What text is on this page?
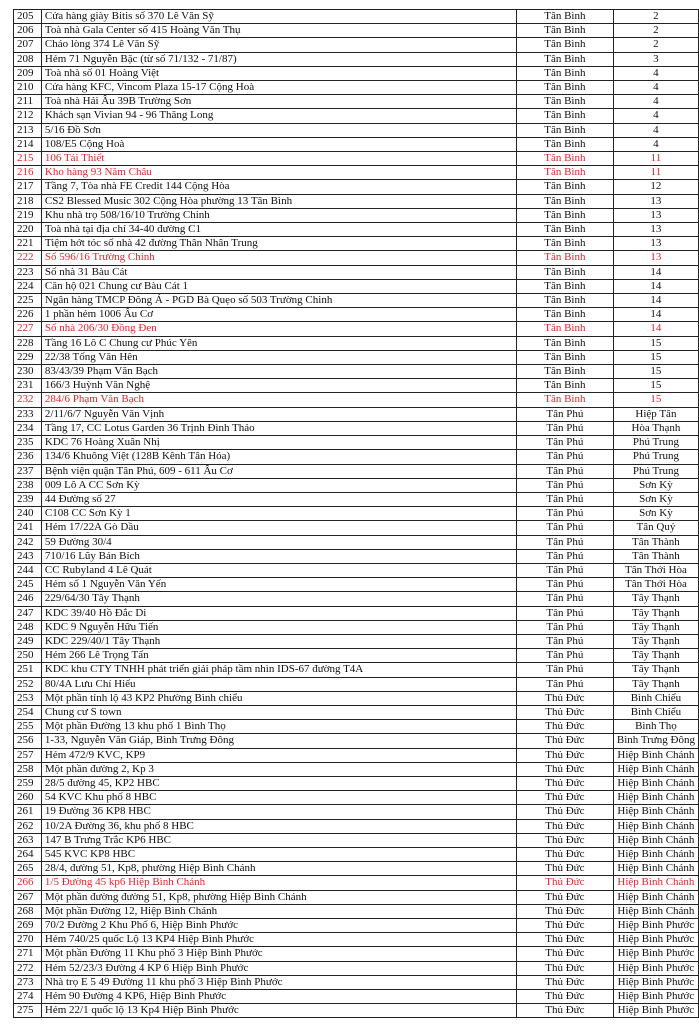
205	Cửa hàng giày Bitis số 370 Lê Văn Sỹ	Tân Bình	2
206	Toà nhà Gala Center số 415 Hoàng Văn Thụ	Tân Bình	2
207	Cháo lòng 374 Lê Văn Sỹ	Tân Bình	2
208	Hẻm 71 Nguyễn Bặc (từ số 71/132 - 71/87)	Tân Bình	3
209	Toà nhà số 01 Hoàng Việt	Tân Bình	4
210	Cửa hàng KFC, Vincom Plaza 15-17 Cộng Hoà	Tân Bình	4
211	Toà nhà Hải Âu 39B Trường Sơn	Tân Bình	4
212	Khách sạn Vivian 94 - 96 Thăng Long	Tân Bình	4
213	5/16 Đồ Sơn	Tân Bình	4
214	108/E5 Cộng Hoà	Tân Bình	4
215	106 Tái Thiết	Tân Bình	11
216	Kho hàng 93 Năm Châu	Tân Bình	11
217	Tầng 7, Tòa nhà FE Credit 144 Cộng Hòa	Tân Bình	12
218	CS2 Blessed Music 302 Cộng Hòa phường 13 Tân Bình	Tân Bình	13
219	Khu nhà trọ 508/16/10 Trường Chinh	Tân Bình	13
220	Toà nhà tại địa chỉ 34-40 đường C1	Tân Bình	13
221	Tiệm hớt tóc số nhà 42 đường Thân Nhân Trung	Tân Bình	13
222	Số 596/16 Trường Chinh	Tân Bình	13
223	Số nhà 31 Bàu Cát	Tân Bình	14
224	Căn hộ 021 Chung cư Bàu Cát 1	Tân Bình	14
225	Ngân hàng TMCP Đông Á - PGD Bà Quẹo số 503 Trường Chinh	Tân Bình	14
226	1 phần hẻm 1006 Âu Cơ	Tân Bình	14
227	Số nhà 206/30 Đồng Đen	Tân Bình	14
228	Tầng 16 Lô C Chung cư Phúc Yên	Tân Bình	15
229	22/38 Tống Văn Hên	Tân Bình	15
230	83/43/39 Phạm Văn Bạch	Tân Bình	15
231	166/3 Huỳnh Văn Nghệ	Tân Bình	15
232	284/6 Phạm Văn Bạch	Tân Bình	15
233	2/11/6/7 Nguyễn Văn Vịnh	Tân Phú	Hiệp Tân
234	Tầng 17, CC Lotus Garden 36 Trịnh Đình Thảo	Tân Phú	Hòa Thạnh
235	KDC 76 Hoàng Xuân Nhị	Tân Phú	Phú Trung
236	134/6 Khuông Việt (128B Kênh Tân Hóa)	Tân Phú	Phú Trung
237	Bệnh viện quận Tân Phú, 609 - 611 Âu Cơ	Tân Phú	Phú Trung
238	009 Lô A CC Sơn Kỳ	Tân Phú	Sơn Kỳ
239	44 Đường số 27	Tân Phú	Sơn Kỳ
240	C108 CC Sơn Kỳ 1	Tân Phú	Sơn Kỳ
241	Hẻm 17/22A Gò Dầu	Tân Phú	Tân Quý
242	59 Đường 30/4	Tân Phú	Tân Thành
243	710/16 Lũy Bán Bích	Tân Phú	Tân Thành
244	CC Rubyland 4 Lê Quát	Tân Phú	Tân Thới Hòa
245	Hẻm số 1 Nguyễn Văn Yến	Tân Phú	Tân Thới Hòa
246	229/64/30 Tây Thạnh	Tân Phú	Tây Thạnh
247	KDC 39/40 Hồ Đắc Di	Tân Phú	Tây Thạnh
248	KDC 9 Nguyễn Hữu Tiến	Tân Phú	Tây Thạnh
249	KDC 229/40/1 Tây Thạnh	Tân Phú	Tây Thạnh
250	Hẻm 266 Lê Trọng Tấn	Tân Phú	Tây Thạnh
251	KDC khu CTY TNHH phát triển giải pháp tầm nhìn IDS-67 đường T4A	Tân Phú	Tây Thạnh
252	80/4A Lưu Chí Hiếu	Tân Phú	Tây Thạnh
253	Một phần tỉnh lộ 43 KP2 Phường Bình chiểu	Thủ Đức	Bình Chiểu
254	Chung cư S town	Thủ Đức	Bình Chiểu
255	Một phần Đường 13 khu phố 1 Bình Thọ	Thủ Đức	Bình Thọ
256	1-33, Nguyễn Văn Giáp, Bình Trưng Đông	Thủ Đức	Bình Trưng Đông
257	Hẻm 472/9 KVC, KP9	Thủ Đức	Hiệp Bình Chánh
258	Một phần đường 2, Kp 3	Thủ Đức	Hiệp Bình Chánh
259	28/5 đường 45, KP2 HBC	Thủ Đức	Hiệp Bình Chánh
260	54 KVC Khu phố 8 HBC	Thủ Đức	Hiệp Bình Chánh
261	19 Đường 36 KP8 HBC	Thủ Đức	Hiệp Bình Chánh
262	10/2A Đường 36, khu phố 8 HBC	Thủ Đức	Hiệp Bình Chánh
263	147 B Trưng Trắc KP6 HBC	Thủ Đức	Hiệp Bình Chánh
264	545 KVC KP8 HBC	Thủ Đức	Hiệp Bình Chánh
265	28/4, đường 51, Kp8, phường Hiệp Bình Chánh	Thủ Đức	Hiệp Bình Chánh
266	1/5 Đường 45 kp6 Hiệp Bình Chánh	Thủ Đức	Hiệp Bình Chánh
267	Một phần đường đường 51, Kp8, phường Hiệp Bình Chánh	Thủ Đức	Hiệp Bình Chánh
268	Một phần Đường 12, Hiệp Bình Chánh	Thủ Đức	Hiệp Bình Chánh
269	70/2 Đường 2 Khu Phố 6, Hiệp Bình Phước	Thủ Đức	Hiệp Bình Phước
270	Hẻm 740/25 quốc Lộ 13 KP4 Hiệp Bình Phước	Thủ Đức	Hiệp Bình Phước
271	Một phần Đường 11 Khu phố 3 Hiệp Bình Phước	Thủ Đức	Hiệp Bình Phước
272	Hẻm 52/23/3 Đường 4 KP 6 Hiệp Bình Phước	Thủ Đức	Hiệp Bình Phước
273	Nhà trọ E 5 49 Đường 11 khu phố 3 Hiệp Bình Phước	Thủ Đức	Hiệp Bình Phước
274	Hẻm 90 Đường 4 KP6, Hiệp Bình Phước	Thủ Đức	Hiệp Bình Phước
275	Hẻm 22/1 quốc lộ 13 Kp4 Hiệp Bình Phước	Thủ Đức	Hiệp Bình Phước
